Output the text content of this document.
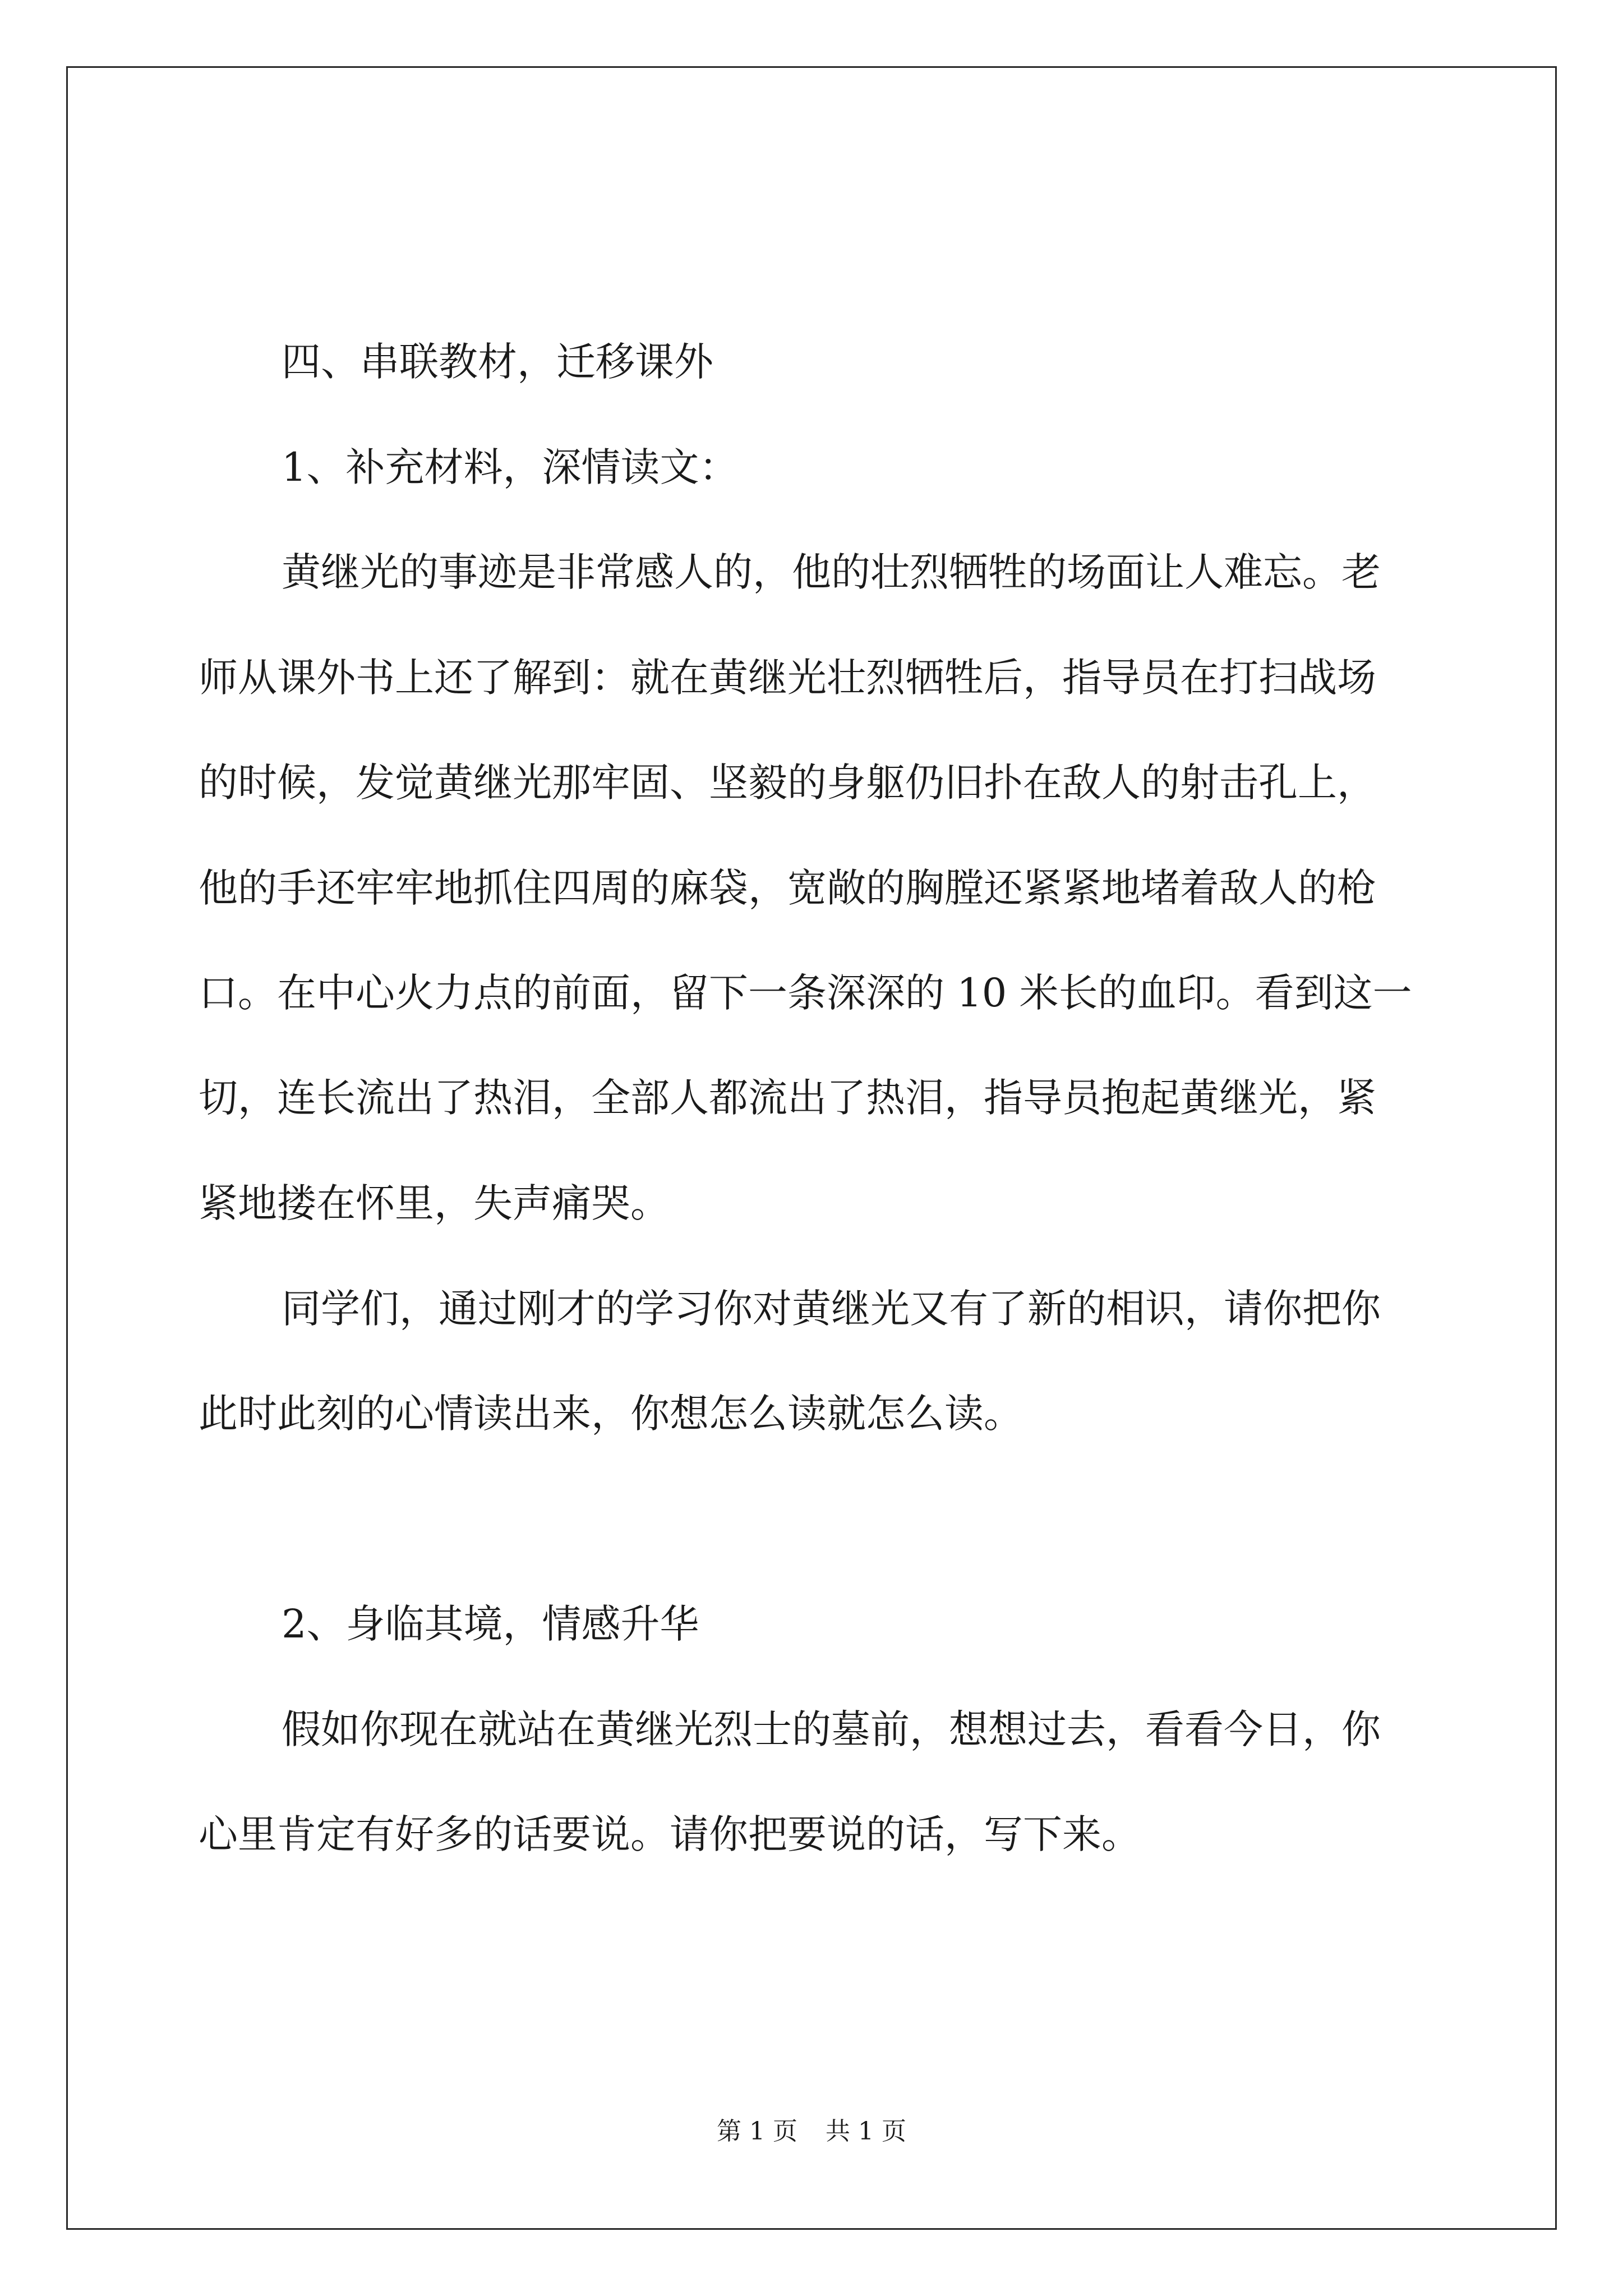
四、串联教材，迁移课外
1、补充材料，深情读文：
黄继光的事迹是非常感人的，他的壮烈牺牲的场面让人难忘。老
师从课外书上还了解到：就在黄继光壮烈牺牲后，指导员在打扫战场
的时候，发觉黄继光那牢固、坚毅的身躯仍旧扑在敌人的射击孔上，
他的手还牢牢地抓住四周的麻袋，宽敞的胸膛还紧紧地堵着敌人的枪
口。在中心火力点的前面，留下一条深深的 10 米长的血印。看到这一
切，连长流出了热泪，全部人都流出了热泪，指导员抱起黄继光，紧
紧地搂在怀里，失声痛哭。
同学们，通过刚才的学习你对黄继光又有了新的相识，请你把你
此时此刻的心情读出来，你想怎么读就怎么读。
2、身临其境，情感升华
假如你现在就站在黄继光烈士的墓前，想想过去，看看今日，你
心里肯定有好多的话要说。请你把要说的话，写下来。
第 1 页 共 1 页
